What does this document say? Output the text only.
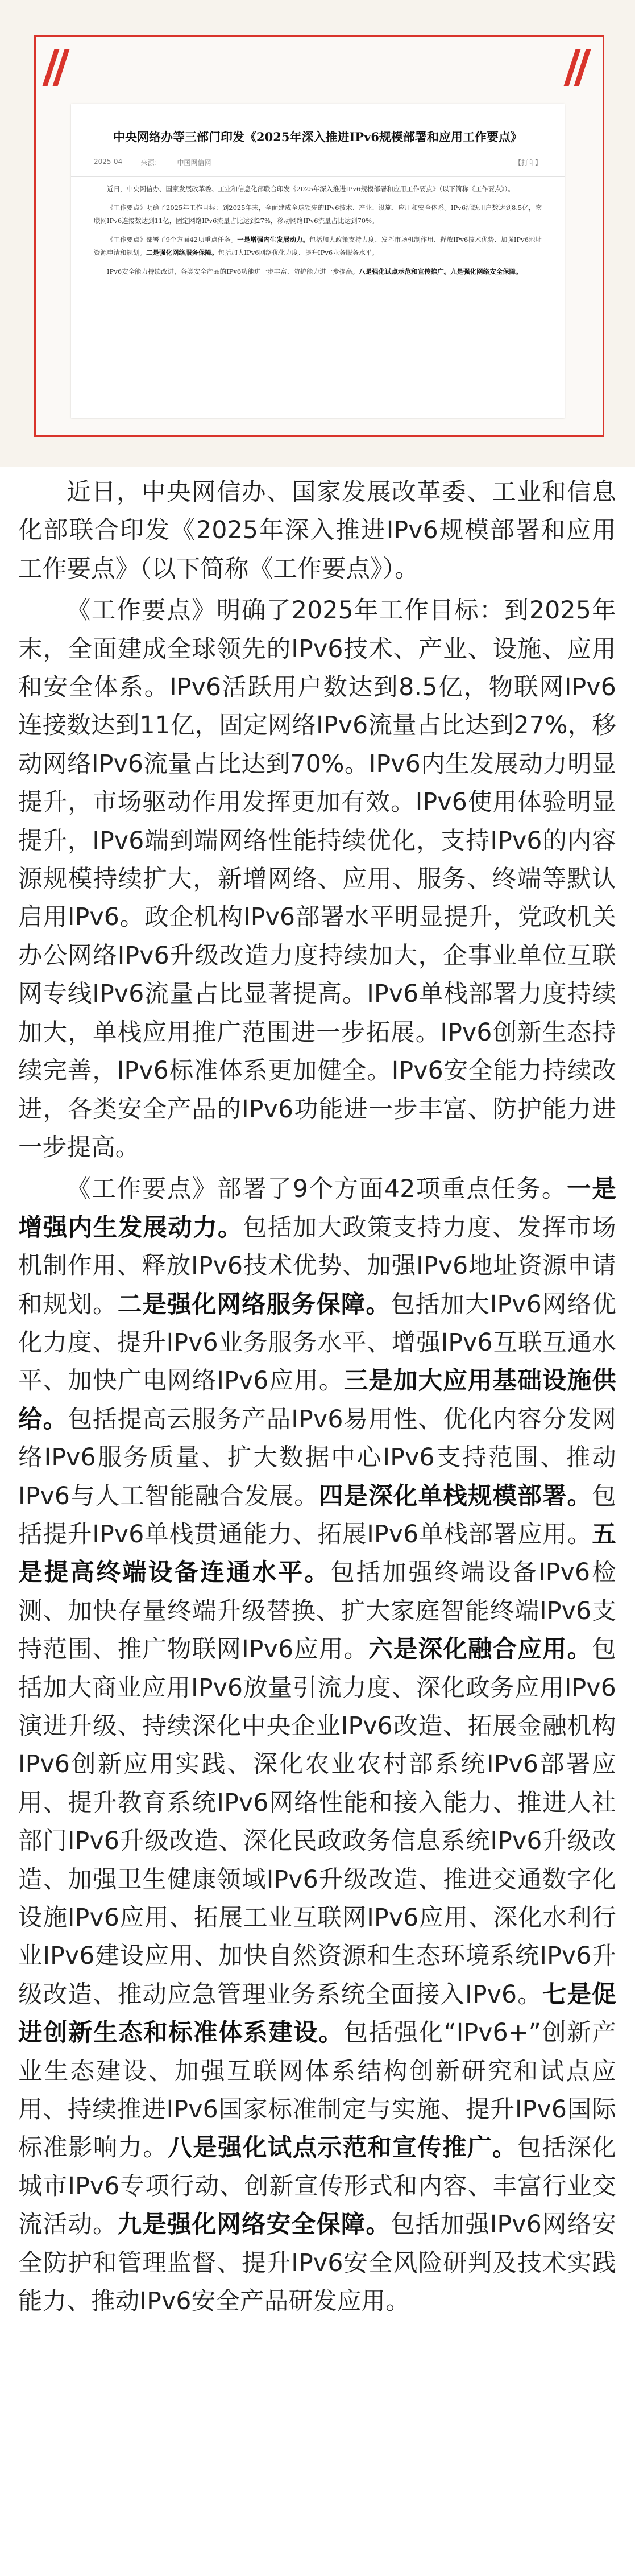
中央网络办等三部门印发《2025年深入推进IPv6规模部署和应用工作要点》
2025-04- 来源： 中国网信网	【打印】

近日，中央网信办、国家发展改革委、工业和信息化部联合印发《2025年深入推进IPv6规模部署和应用工作要点》（以下简称《工作要点》）。

《工作要点》明确了2025年工作目标：到2025年末，全面建成全球领先的IPv6技术、产业、设施、应用和安全体系。IPv6活跃用户数达到8.5亿，物联网IPv6连接数达到11亿，固定网络IPv6流量占比达到27%，移动网络IPv6流量占比达到70%。

《工作要点》部署了9个方面42项重点任务。一是增强内生发展动力。包括加大政策支持力度、发挥市场机制作用、释放IPv6技术优势、加强IPv6地址资源申请和规划。二是强化网络服务保障。包括加大IPv6网络优化力度、提升IPv6业务服务水平。

IPv6安全能力持续改进，各类安全产品的IPv6功能进一步丰富、防护能力进一步提高。八是强化试点示范和宣传推广。九是强化网络安全保障。

近日，中央网信办、国家发展改革委、工业和信息化部联合印发《2025年深入推进IPv6规模部署和应用工作要点》（以下简称《工作要点》）。

《工作要点》明确了2025年工作目标：到2025年末，全面建成全球领先的IPv6技术、产业、设施、应用和安全体系。IPv6活跃用户数达到8.5亿，物联网IPv6连接数达到11亿，固定网络IPv6流量占比达到27%，移动网络IPv6流量占比达到70%。IPv6内生发展动力明显提升，市场驱动作用发挥更加有效。IPv6使用体验明显提升，IPv6端到端网络性能持续优化，支持IPv6的内容源规模持续扩大，新增网络、应用、服务、终端等默认启用IPv6。政企机构IPv6部署水平明显提升，党政机关办公网络IPv6升级改造力度持续加大，企事业单位互联网专线IPv6流量占比显著提高。IPv6单栈部署力度持续加大，单栈应用推广范围进一步拓展。IPv6创新生态持续完善，IPv6标准体系更加健全。IPv6安全能力持续改进，各类安全产品的IPv6功能进一步丰富、防护能力进一步提高。

《工作要点》部署了9个方面42项重点任务。一是增强内生发展动力。包括加大政策支持力度、发挥市场机制作用、释放IPv6技术优势、加强IPv6地址资源申请和规划。二是强化网络服务保障。包括加大IPv6网络优化力度、提升IPv6业务服务水平、增强IPv6互联互通水平、加快广电网络IPv6应用。三是加大应用基础设施供给。包括提高云服务产品IPv6易用性、优化内容分发网络IPv6服务质量、扩大数据中心IPv6支持范围、推动IPv6与人工智能融合发展。四是深化单栈规模部署。包括提升IPv6单栈贯通能力、拓展IPv6单栈部署应用。五是提高终端设备连通水平。包括加强终端设备IPv6检测、加快存量终端升级替换、扩大家庭智能终端IPv6支持范围、推广物联网IPv6应用。六是深化融合应用。包括加大商业应用IPv6放量引流力度、深化政务应用IPv6演进升级、持续深化中央企业IPv6改造、拓展金融机构IPv6创新应用实践、深化农业农村部系统IPv6部署应用、提升教育系统IPv6网络性能和接入能力、推进人社部门IPv6升级改造、深化民政政务信息系统IPv6升级改造、加强卫生健康领域IPv6升级改造、推进交通数字化设施IPv6应用、拓展工业互联网IPv6应用、深化水利行业IPv6建设应用、加快自然资源和生态环境系统IPv6升级改造、推动应急管理业务系统全面接入IPv6。七是促进创新生态和标准体系建设。包括强化“IPv6+”创新产业生态建设、加强互联网体系结构创新研究和试点应用、持续推进IPv6国家标准制定与实施、提升IPv6国际标准影响力。八是强化试点示范和宣传推广。包括深化城市IPv6专项行动、创新宣传形式和内容、丰富行业交流活动。九是强化网络安全保障。包括加强IPv6网络安全防护和管理监督、提升IPv6安全风险研判及技术实践能力、推动IPv6安全产品研发应用。
